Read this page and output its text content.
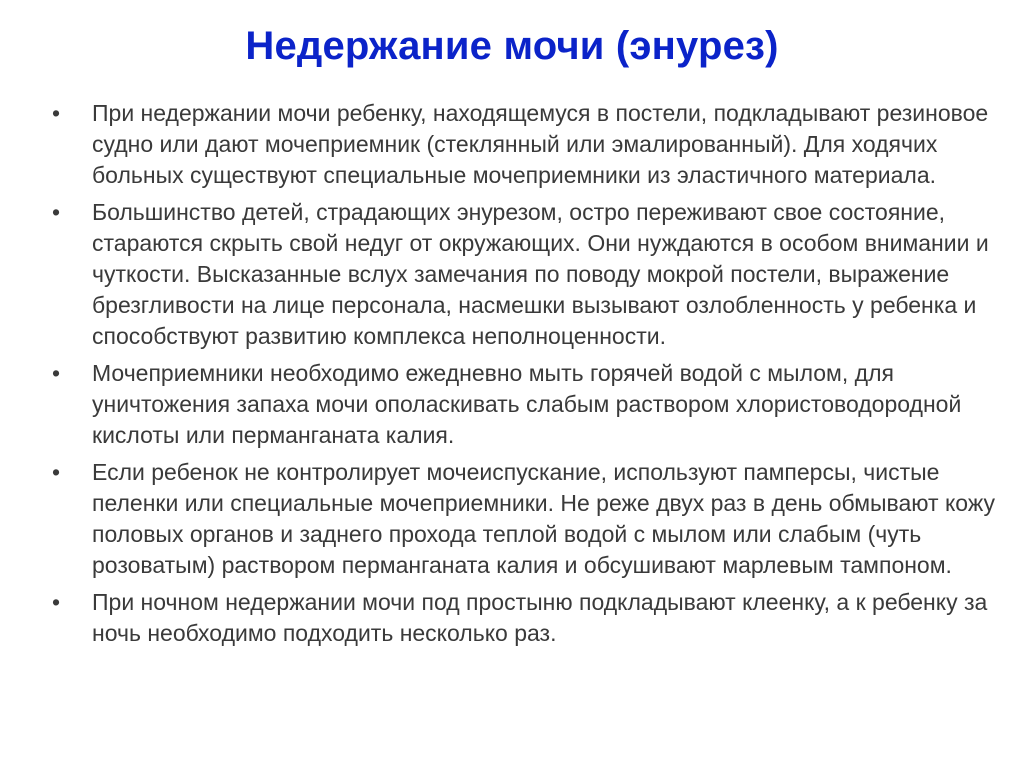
Недержание мочи (энурез)
•	При недержании мочи ребенку, находящемуся в постели, подкладывают резиновое судно или дают мочеприемник (стеклянный или эмалированный). Для ходячих больных существуют специальные мочеприемники из эластичного материала.
•	Большинство детей, страдающих энурезом, остро переживают свое состояние, стараются скрыть свой недуг от окружающих. Они нуждаются в особом внимании и чуткости. Высказанные вслух замечания по поводу мокрой постели, выражение брезгливости на лице персонала, насмешки вызывают озлобленность у ребенка и способствуют развитию комплекса неполноценности.
•	Мочеприемники необходимо ежедневно мыть горячей водой с мылом, для уничтожения запаха мочи ополаскивать слабым раствором хлористоводородной кислоты или перманганата калия.
•	Если ребенок не контролирует мочеиспускание, используют памперсы, чистые пеленки или специальные мочеприемники. Не реже двух раз в день обмывают кожу половых органов и заднего прохода теплой водой с мылом или слабым (чуть розоватым) раствором перманганата калия и обсушивают марлевым тампоном.
•	При ночном недержании мочи под простыню подкладывают клеенку, а к ребенку за ночь необходимо подходить несколько раз.
